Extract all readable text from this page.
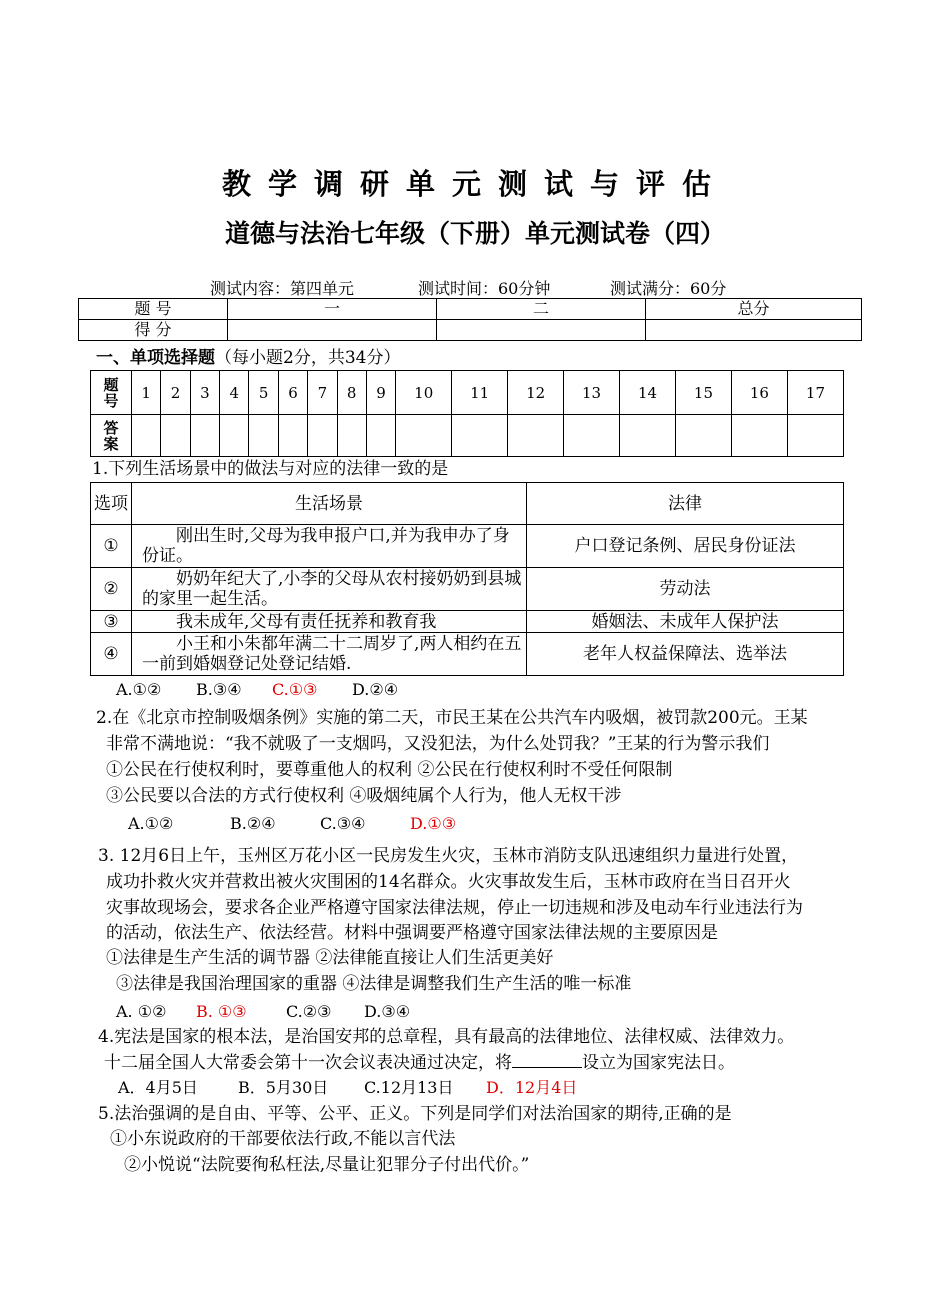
教学调研单元测试与评估
道德与法治七年级（下册）单元测试卷（四）
测试内容：第四单元	测试时间：60分钟	测试满分：60分
题 号	一	二	总分
得 分			
一、单项选择题（每小题2分，共34分）
题
号	1	2	3	4	5	6	7	8	9	10	11	12	13	14	15	16	17
答
案																	
1.下列生活场景中的做法与对应的法律一致的是
选项	生活场景	法律
①	刚出生时,父母为我申报户口,并为我申办了身份证。	户口登记条例、居民身份证法
②	奶奶年纪大了,小李的父母从农村接奶奶到县城的家里一起生活。	劳动法
③	我未成年,父母有责任抚养和教育我	婚姻法、未成年人保护法
④	小王和小朱都年满二十二周岁了,两人相约在五一前到婚姻登记处登记结婚.	老年人权益保障法、选举法
A.①② B.③④ C.①③ D.②④
2.在《北京市控制吸烟条例》实施的第二天，市民王某在公共汽车内吸烟，被罚款200元。王某
非常不满地说：“我不就吸了一支烟吗，又没犯法，为什么处罚我？”王某的行为警示我们
①公民在行使权利时，要尊重他人的权利 ②公民在行使权利时不受任何限制
③公民要以合法的方式行使权利 ④吸烟纯属个人行为，他人无权干涉
A.①②	B.②④	C.③④	D.①③
3. 12月6日上午，玉州区万花小区一民房发生火灾，玉林市消防支队迅速组织力量进行处置，
成功扑救火灾并营救出被火灾围困的14名群众。火灾事故发生后，玉林市政府在当日召开火
灾事故现场会，要求各企业严格遵守国家法律法规，停止一切违规和涉及电动车行业违法行为
的活动，依法生产、依法经营。材料中强调要严格遵守国家法律法规的主要原因是
①法律是生产生活的调节器 ②法律能直接让人们生活更美好
③法律是我国治理国家的重器 ④法律是调整我们生产生活的唯一标准
A. ①② B. ①③ C.②③ D.③④
4.宪法是国家的根本法，是治国安邦的总章程，具有最高的法律地位、法律权威、法律效力。
十二届全国人大常委会第十一次会议表决通过决定，将	设立为国家宪法日。
A．4月5日	B．5月30日 C.12月13日 D．12月4日
5.法治强调的是自由、平等、公平、正义。下列是同学们对法治国家的期待,正确的是
①小东说政府的干部要依法行政,不能以言代法
②小悦说“法院要徇私枉法,尽量让犯罪分子付出代价。”
